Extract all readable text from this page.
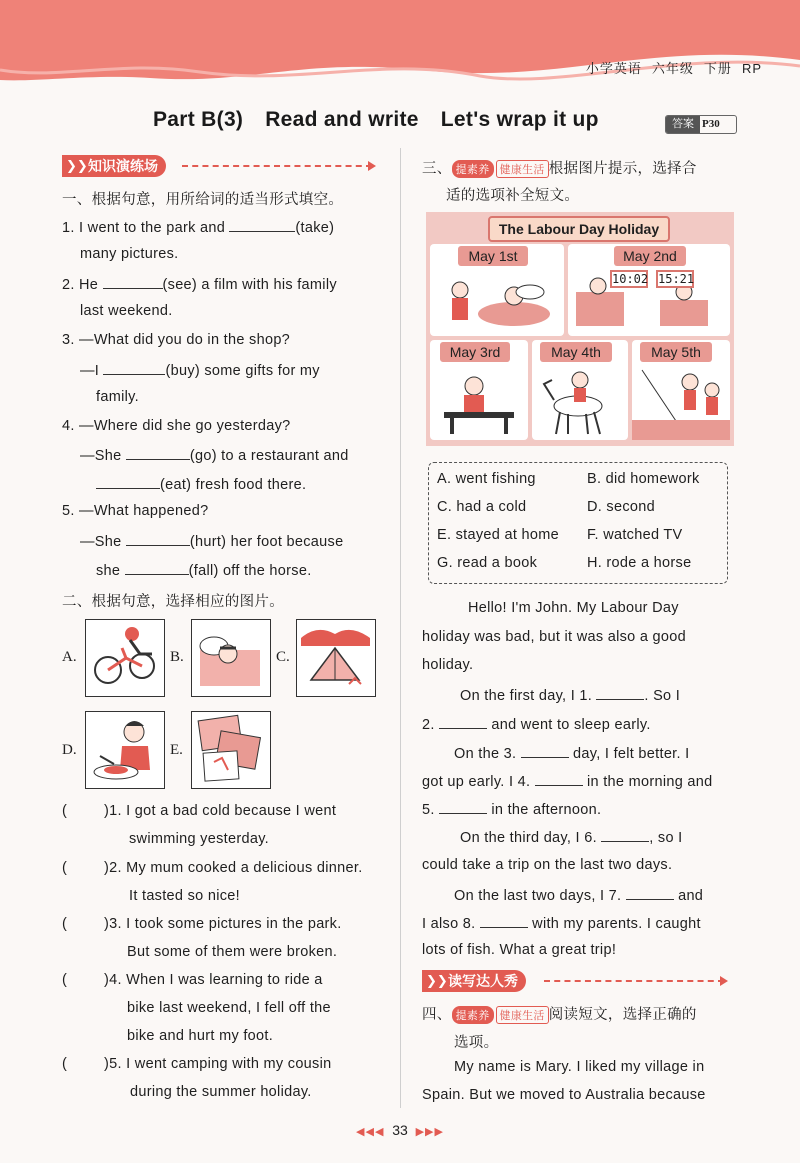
小学英语 六年级 下册 RP
Part B(3) Read and write Let's wrap it up	答案 P30
❯❯ 知识演练场
一、根据句意，用所给词的适当形式填空。
1. I went to the park and	(take)
many pictures.
2. He	(see) a film with his family
last weekend.
3. —What did you do in the shop?
—I	(buy) some gifts for my
family.
4. —Where did she go yesterday?
—She	(go) to a restaurant and
(eat) fresh food there.
5. —What happened?
—She	(hurt) her foot because
she	(fall) off the horse.
二、根据句意，选择相应的图片。
A.	B.	C.
D.	E.
(	)1. I got a bad cold because I went
swimming yesterday.
(	)2. My mum cooked a delicious dinner.
It tasted so nice!
(	)3. I took some pictures in the park.
But some of them were broken.
(	)4. When I was learning to ride a
bike last weekend, I fell off the
bike and hurt my foot.
(	)5. I went camping with my cousin
during the summer holiday.
三、 提素养 健康生活 根据图片提示，选择合
适的选项补全短文。
The Labour Day Holiday
May 1st	May 2nd
10:02 15:21
May 3rd	May 4th	May 5th
A. went fishing	B. did homework
C. had a cold	D. second
E. stayed at home F. watched TV
G. read a book	H. rode a horse
Hello! I'm John. My Labour Day
holiday was bad, but it was also a good
holiday.
On the first day, I 1.	. So I
2.	and went to sleep early.
On the 3.	day, I felt better. I
got up early. I 4.	in the morning and
5.	in the afternoon.
On the third day, I 6.	, so I
could take a trip on the last two days.
On the last two days, I 7.	and
I also 8.	with my parents. I caught
lots of fish. What a great trip!
❯❯ 读写达人秀
四、 提素养 健康生活 阅读短文，选择正确的
选项。
My name is Mary. I liked my village in
Spain. But we moved to Australia because
◀◀◀ 33 ▶▶▶
